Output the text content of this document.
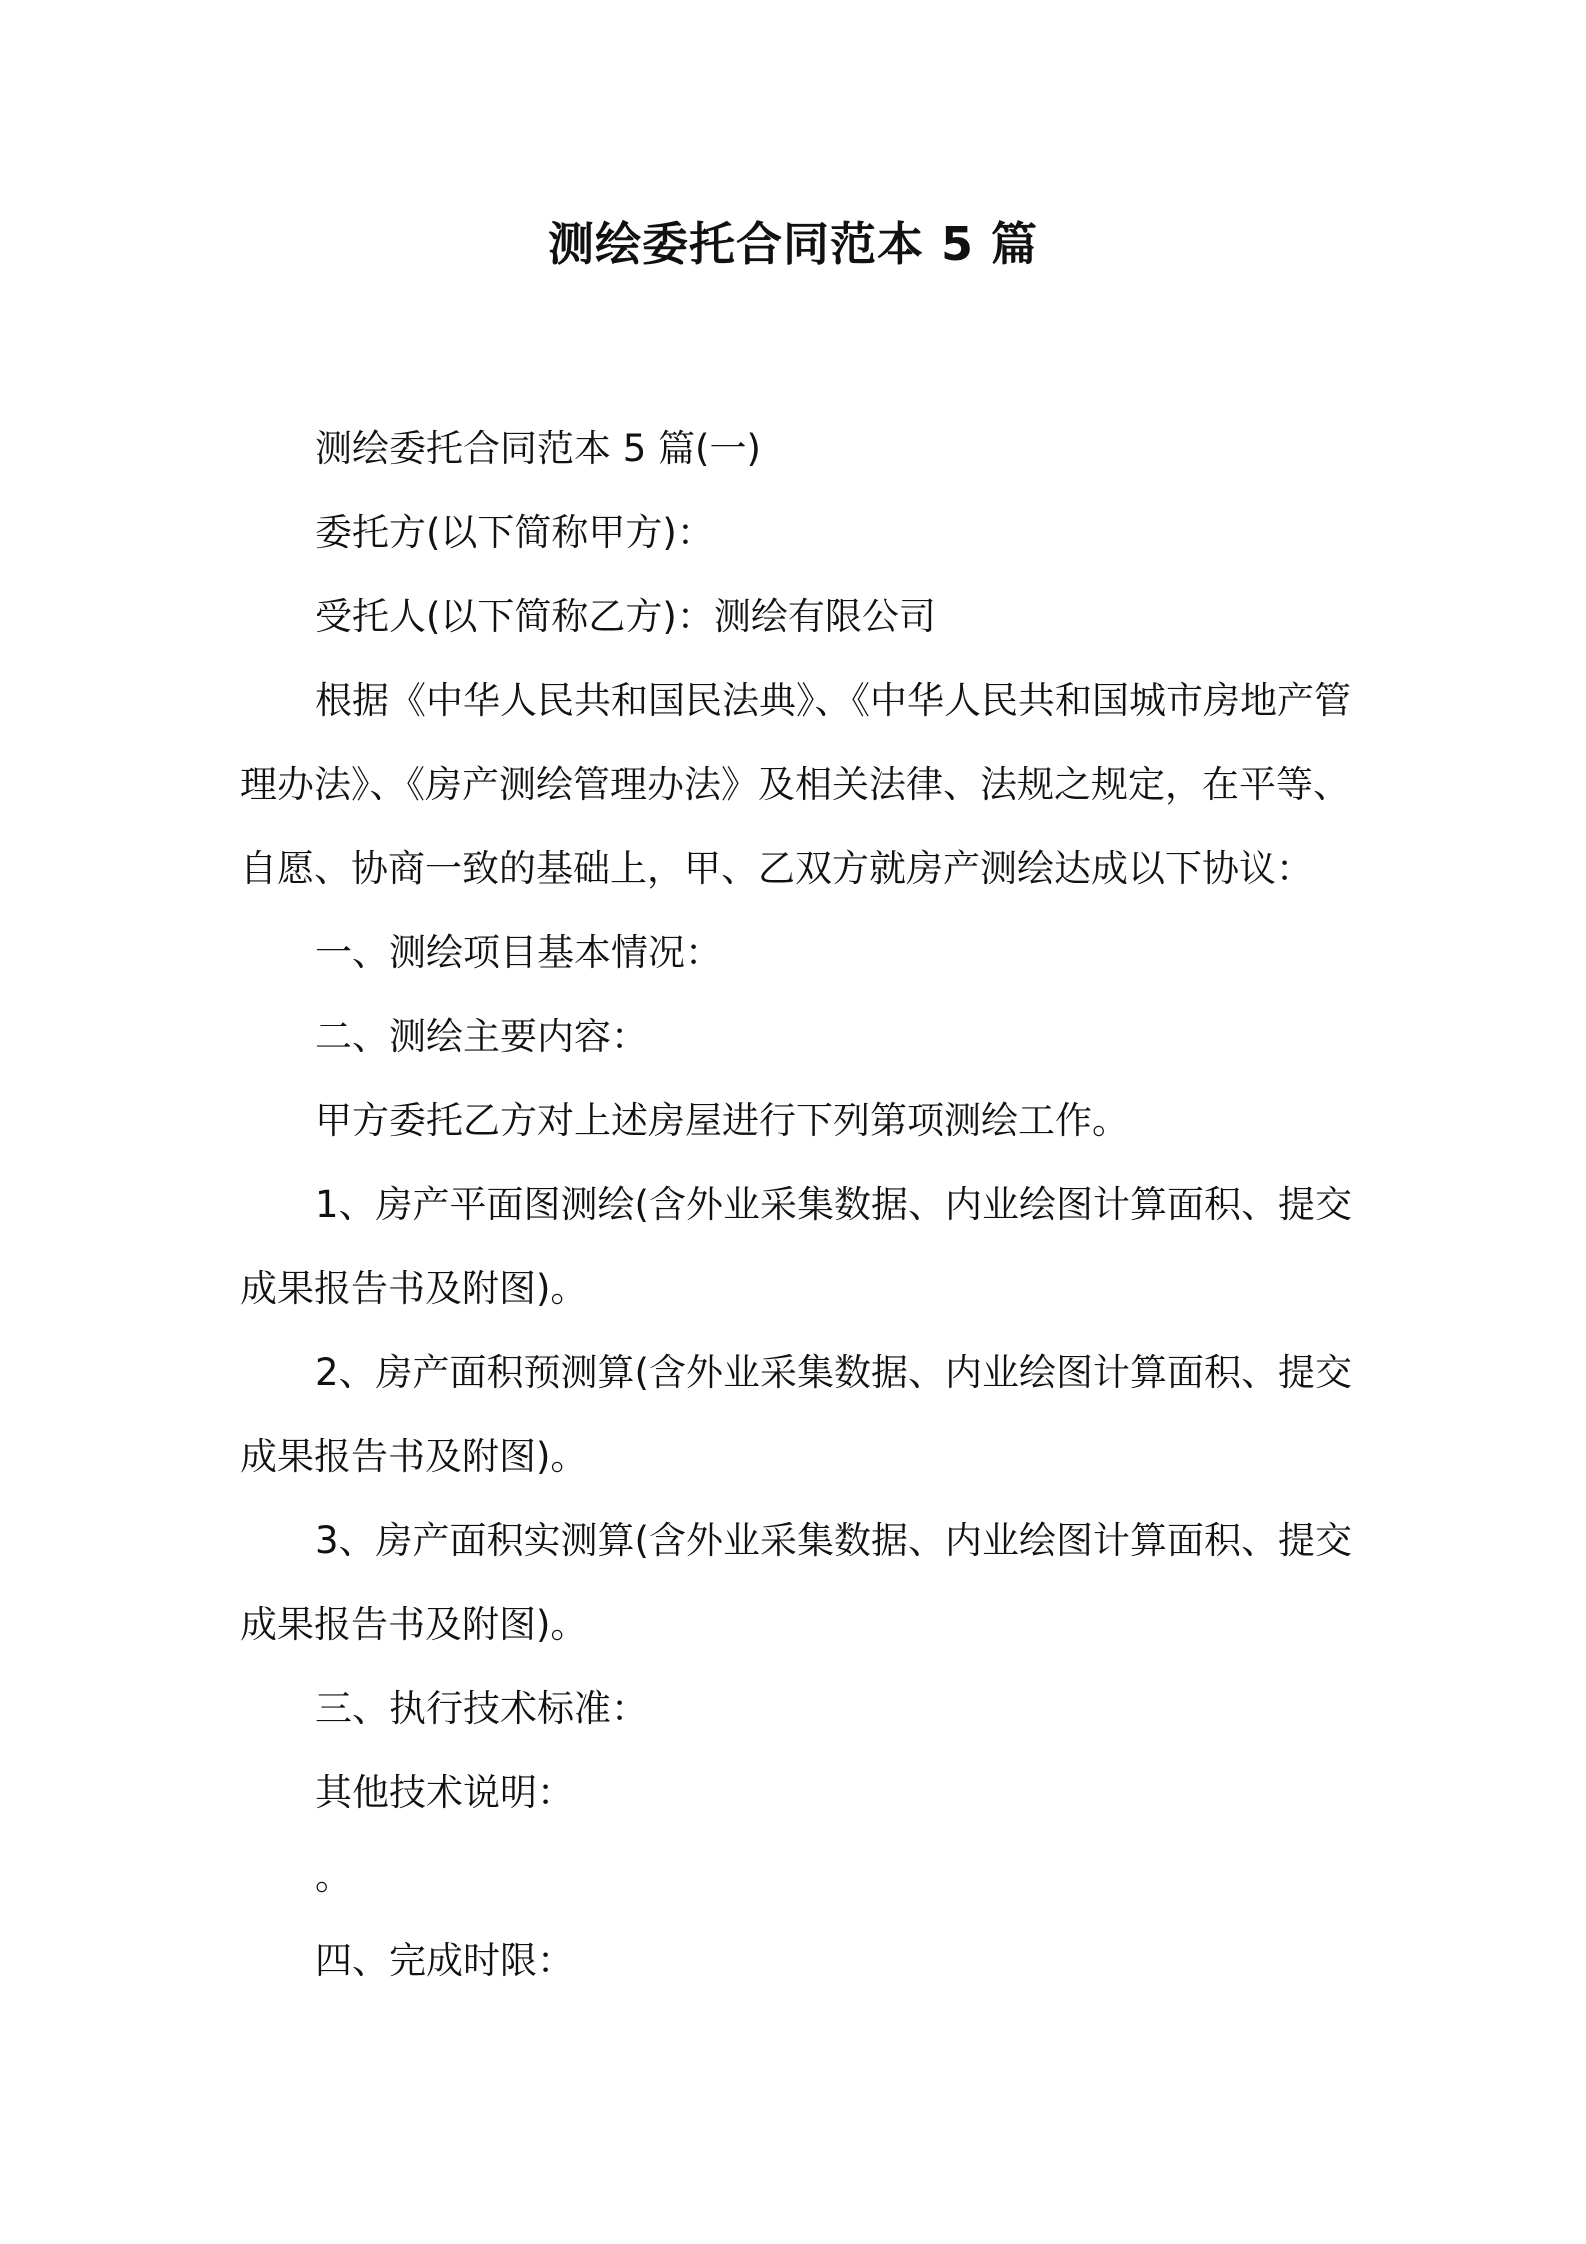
测绘委托合同范本 5 篇
测绘委托合同范本 5 篇(一)
委托方(以下简称甲方)：
受托人(以下简称乙方)：测绘有限公司
根据《中华人民共和国民法典》、《中华人民共和国城市房地产管
理办法》、《房产测绘管理办法》及相关法律、法规之规定，在平等、
自愿、协商一致的基础上，甲、乙双方就房产测绘达成以下协议：
一、测绘项目基本情况：
二、测绘主要内容：
甲方委托乙方对上述房屋进行下列第项测绘工作。
1、房产平面图测绘(含外业采集数据、内业绘图计算面积、提交
成果报告书及附图)。
2、房产面积预测算(含外业采集数据、内业绘图计算面积、提交
成果报告书及附图)。
3、房产面积实测算(含外业采集数据、内业绘图计算面积、提交
成果报告书及附图)。
三、执行技术标准：
其他技术说明：
。
四、完成时限：
